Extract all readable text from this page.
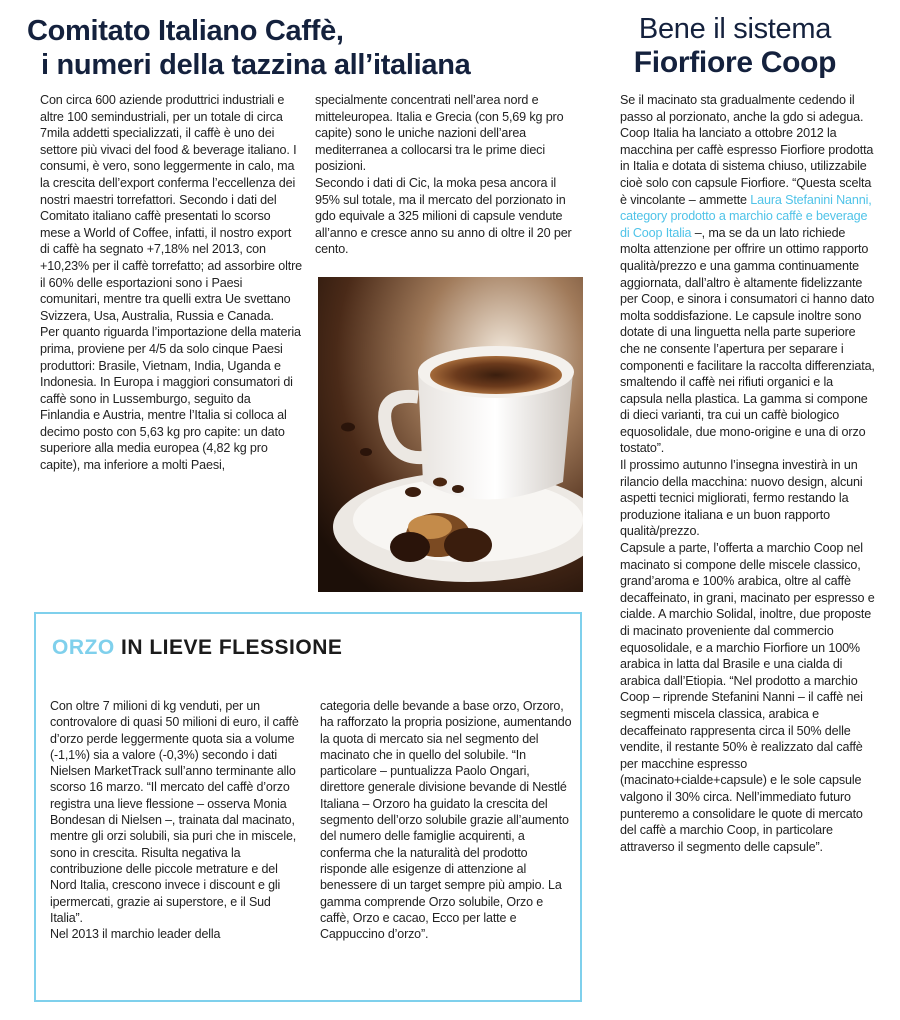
Comitato Italiano Caffè,
i numeri della tazzina all’italiana
Bene il sistema
Fiorfiore Coop

Con circa 600 aziende produttrici industriali e altre 100 semindustriali, per un totale di circa 7mila addetti specializzati, il caffè è uno dei settore più vivaci del food & beverage italiano. I consumi, è vero, sono leggermente in calo, ma la crescita dell’export conferma l’eccellenza dei nostri maestri torrefattori. Secondo i dati del Comitato italiano caffè presentati lo scorso mese a World of Coffee, infatti, il nostro export di caffè ha segnato +7,18% nel 2013, con +10,23% per il caffè torrefatto; ad assorbire oltre il 60% delle esportazioni sono i Paesi comunitari, mentre tra quelli extra Ue svettano Svizzera, Usa, Australia, Russia e Canada.

Per quanto riguarda l’importazione della materia prima, proviene per 4/5 da solo cinque Paesi produttori: Brasile, Vietnam, India, Uganda e Indonesia. In Europa i maggiori consumatori di caffè sono in Lussemburgo, seguito da Finlandia e Austria, mentre l’Italia si colloca al decimo posto con 5,63 kg pro capite: un dato superiore alla media europea (4,82 kg pro capite), ma inferiore a molti Paesi,

specialmente concentrati nell’area nord e mitteleuropea. Italia e Grecia (con 5,69 kg pro capite) sono le uniche nazioni dell’area mediterranea a collocarsi tra le prime dieci posizioni.

Secondo i dati di Cic, la moka pesa ancora il 95% sul totale, ma il mercato del porzionato in gdo equivale a 325 milioni di capsule vendute all’anno e cresce anno su anno di oltre il 20 per cento.

Se il macinato sta gradualmente cedendo il passo al porzionato, anche la gdo si adegua. Coop Italia ha lanciato a ottobre 2012 la macchina per caffè espresso Fiorfiore prodotta in Italia e dotata di sistema chiuso, utilizzabile cioè solo con capsule Fiorfiore. “Questa scelta è vincolante – ammette Laura Stefanini Nanni, category prodotto a marchio caffè e beverage di Coop Italia –, ma se da un lato richiede molta attenzione per offrire un ottimo rapporto qualità/prezzo e una gamma continuamente aggiornata, dall’altro è altamente fidelizzante per Coop, e sinora i consumatori ci hanno dato molta soddisfazione. Le capsule inoltre sono dotate di una linguetta nella parte superiore che ne consente l’apertura per separare i componenti e facilitare la raccolta differenziata, smaltendo il caffè nei rifiuti organici e la capsula nella plastica. La gamma si compone di dieci varianti, tra cui un caffè biologico equosolidale, due mono-origine e una di orzo tostato”.

Il prossimo autunno l’insegna investirà in un rilancio della macchina: nuovo design, alcuni aspetti tecnici migliorati, fermo restando la produzione italiana e un buon rapporto qualità/prezzo.

Capsule a parte, l’offerta a marchio Coop nel macinato si compone delle miscele classico, grand’aroma e 100% arabica, oltre al caffè decaffeinato, in grani, macinato per espresso e cialde. A marchio Solidal, inoltre, due proposte di macinato proveniente dal commercio equosolidale, e a marchio Fiorfiore un 100% arabica in latta dal Brasile e una cialda di arabica dall’Etiopia. “Nel prodotto a marchio Coop – riprende Stefanini Nanni – il caffè nei segmenti miscela classica, arabica e decaffeinato rappresenta circa il 50% delle vendite, il restante 50% è realizzato dal caffè per macchine espresso (macinato+cialde+capsule) e le sole capsule valgono il 30% circa. Nell’immediato futuro punteremo a consolidare le quote di mercato del caffè a marchio Coop, in particolare attraverso il segmento delle capsule”.

ORZO IN LIEVE FLESSIONE

Con oltre 7 milioni di kg venduti, per un controvalore di quasi 50 milioni di euro, il caffè d’orzo perde leggermente quota sia a volume (-1,1%) sia a valore (-0,3%) secondo i dati Nielsen MarketTrack sull’anno terminante allo scorso 16 marzo. “Il mercato del caffè d’orzo registra una lieve flessione – osserva Monia Bondesan di Nielsen –, trainata dal macinato, mentre gli orzi solubili, sia puri che in miscele, sono in crescita. Risulta negativa la contribuzione delle piccole metrature e del Nord Italia, crescono invece i discount e gli ipermercati, grazie ai superstore, e il Sud Italia”.

Nel 2013 il marchio leader della

categoria delle bevande a base orzo, Orzoro, ha rafforzato la propria posizione, aumentando la quota di mercato sia nel segmento del macinato che in quello del solubile. “In particolare – puntualizza Paolo Ongari, direttore generale divisione bevande di Nestlé Italiana – Orzoro ha guidato la crescita del segmento dell’orzo solubile grazie all’aumento del numero delle famiglie acquirenti, a conferma che la naturalità del prodotto risponde alle esigenze di attenzione al benessere di un target sempre più ampio. La gamma comprende Orzo solubile, Orzo e caffè, Orzo e cacao, Ecco per latte e Cappuccino d’orzo”.
